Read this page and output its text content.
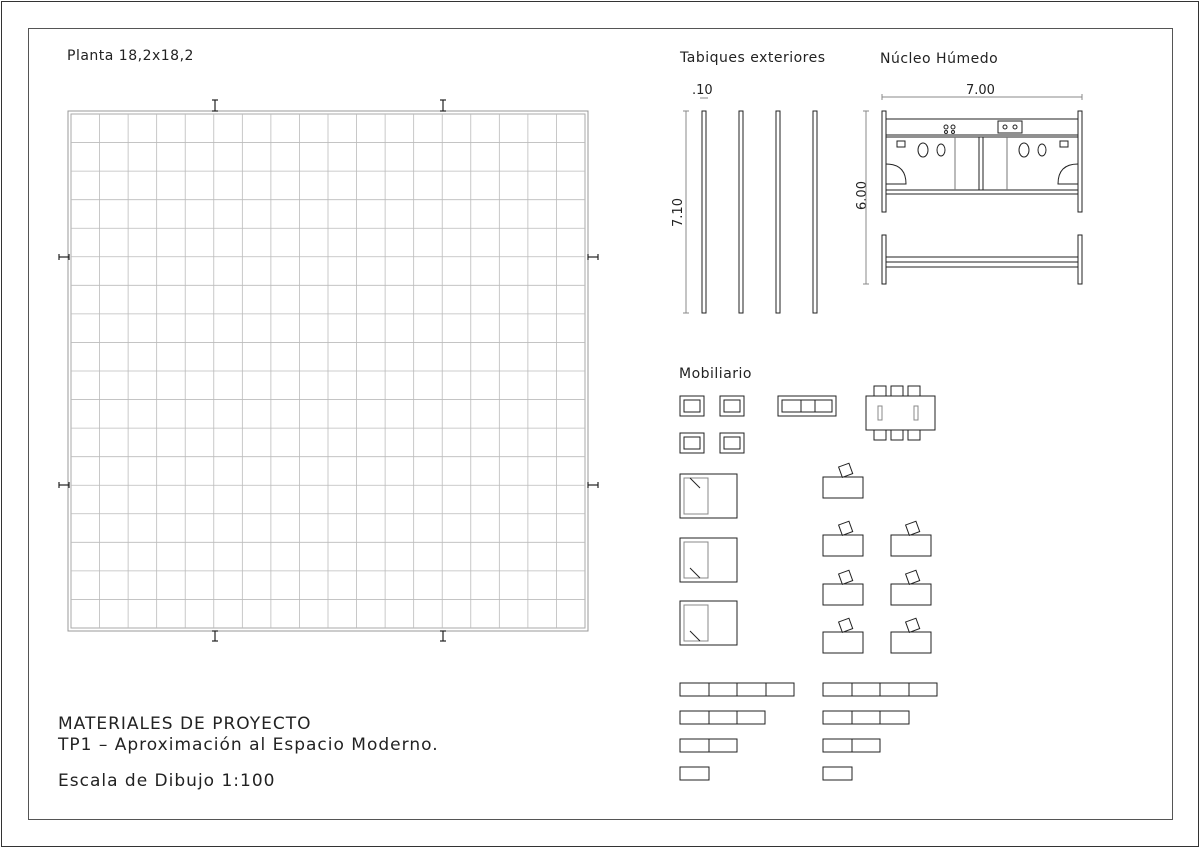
Planta 18,2x18,2	Tabiques exteriores	Núcleo Húmedo
Mobiliario
.10	7.00
7.10
6.00
MATERIALES DE PROYECTO
TP1 – Aproximación al Espacio Moderno.
Escala de Dibujo 1:100
